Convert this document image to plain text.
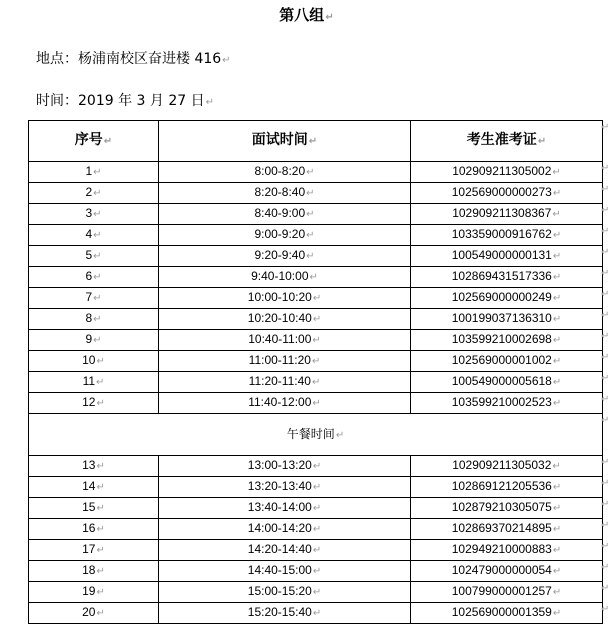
第八组↵
地点：杨浦南校区奋进楼 416↵
时间：2019 年 3 月 27 日↵
序号↵	面试时间↵	考生准考证↵
1↵	8:00-8:20↵	102909211305002↵
2↵	8:20-8:40↵	102569000000273↵
3↵	8:40-9:00↵	102909211308367↵
4↵	9:00-9:20↵	103359000916762↵
5↵	9:20-9:40↵	100549000000131↵
6↵	9:40-10:00↵	102869431517336↵
7↵	10:00-10:20↵	102569000000249↵
8↵	10:20-10:40↵	100199037136310↵
9↵	10:40-11:00↵	103599210002698↵
10↵	11:00-11:20↵	102569000001002↵
11↵	11:20-11:40↵	100549000005618↵
12↵	11:40-12:00↵	103599210002523↵
午餐时间↵		
13↵	13:00-13:20↵	102909211305032↵
14↵	13:20-13:40↵	102869121205536↵
15↵	13:40-14:00↵	102879210305075↵
16↵	14:00-14:20↵	102869370214895↵
17↵	14:20-14:40↵	102949210000883↵
18↵	14:40-15:00↵	102479000000054↵
19↵	15:00-15:20↵	100799000001257↵
20↵	15:20-15:40↵	102569000001359↵
↵
↵
↵
↵
↵
↵
↵
↵
↵
↵
↵
↵
↵
↵
↵
↵
↵
↵
↵
↵
↵
↵
